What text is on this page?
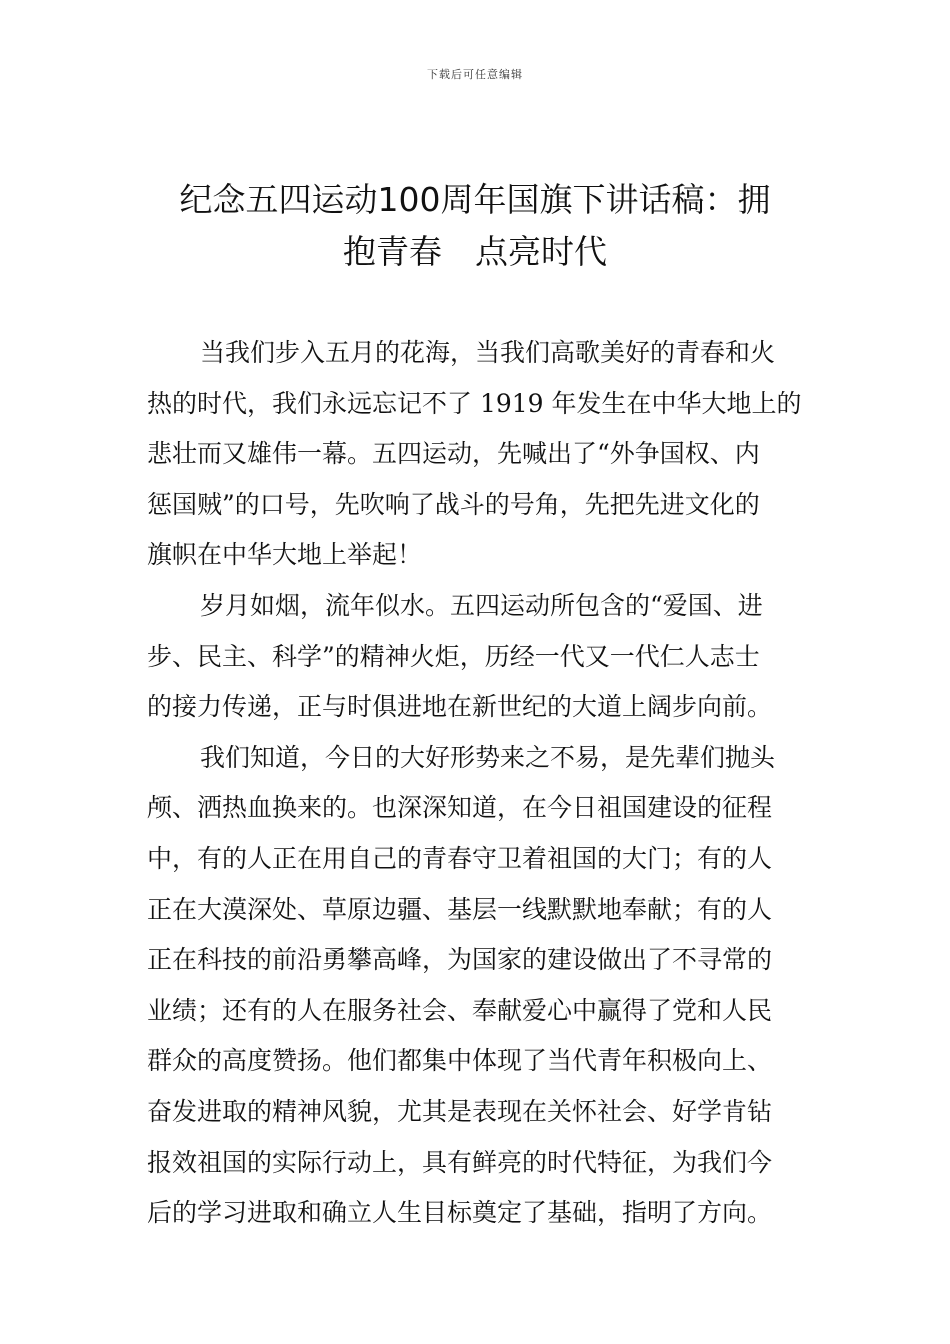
下载后可任意编辑
纪念五四运动100周年国旗下讲话稿：拥
抱青春　点亮时代
当我们步入五月的花海，当我们高歌美好的青春和火
热的时代，我们永远忘记不了 1919 年发生在中华大地上的
悲壮而又雄伟一幕。五四运动，先喊出了“外争国权、内
惩国贼”的口号，先吹响了战斗的号角，先把先进文化的
旗帜在中华大地上举起！
岁月如烟，流年似水。五四运动所包含的“爱国、进
步、民主、科学”的精神火炬，历经一代又一代仁人志士
的接力传递，正与时俱进地在新世纪的大道上阔步向前。
我们知道，今日的大好形势来之不易，是先辈们抛头
颅、洒热血换来的。也深深知道，在今日祖国建设的征程
中，有的人正在用自己的青春守卫着祖国的大门；有的人
正在大漠深处、草原边疆、基层一线默默地奉献；有的人
正在科技的前沿勇攀高峰，为国家的建设做出了不寻常的
业绩；还有的人在服务社会、奉献爱心中赢得了党和人民
群众的高度赞扬。他们都集中体现了当代青年积极向上、
奋发进取的精神风貌，尤其是表现在关怀社会、好学肯钻
报效祖国的实际行动上，具有鲜亮的时代特征，为我们今
后的学习进取和确立人生目标奠定了基础，指明了方向。
